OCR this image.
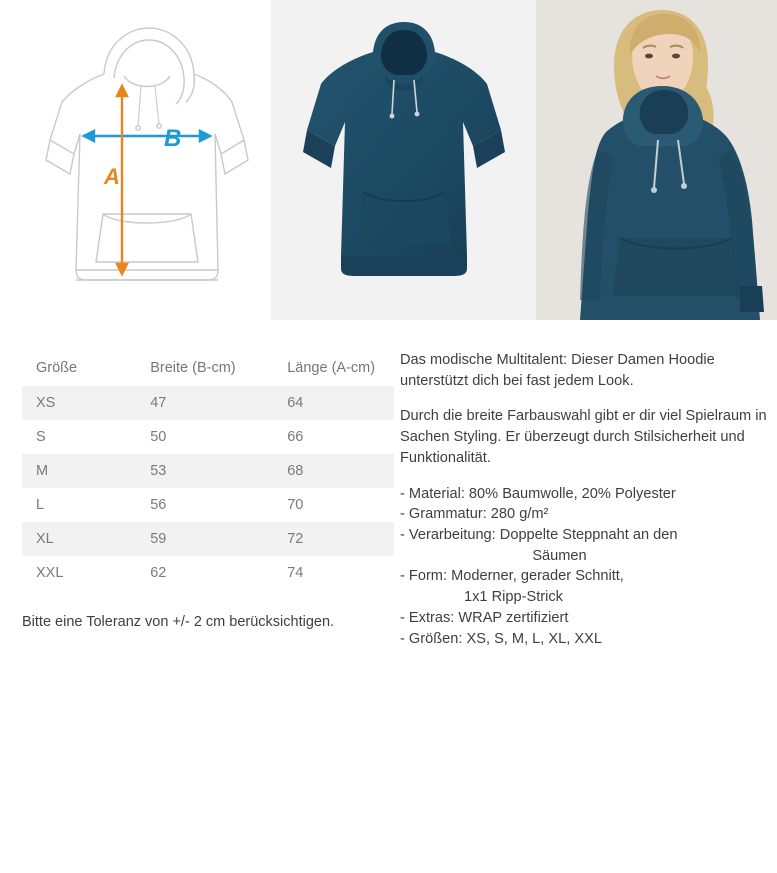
B
A
Größe	Breite (B-cm)	Länge (A-cm)
XS	47	64
S	50	66
M	53	68
L	56	70
XL	59	72
XXL	62	74
Bitte eine Toleranz von +/- 2 cm berücksichtigen.

Das modische Multitalent: Dieser Damen Hoodie unterstützt dich bei fast jedem Look.

Durch die breite Farbauswahl gibt er dir viel Spielraum in Sachen Styling. Er überzeugt durch Stilsicherheit und Funktionalität.

- Material: 80% Baumwolle, 20% Polyester

- Grammatur: 280 g/m²

- Verarbeitung: Doppelte Steppnaht an den

Säumen

- Form: Moderner, gerader Schnitt,

1x1 Ripp-Strick

- Extras: WRAP zertifiziert

- Größen: XS, S, M, L, XL, XXL
